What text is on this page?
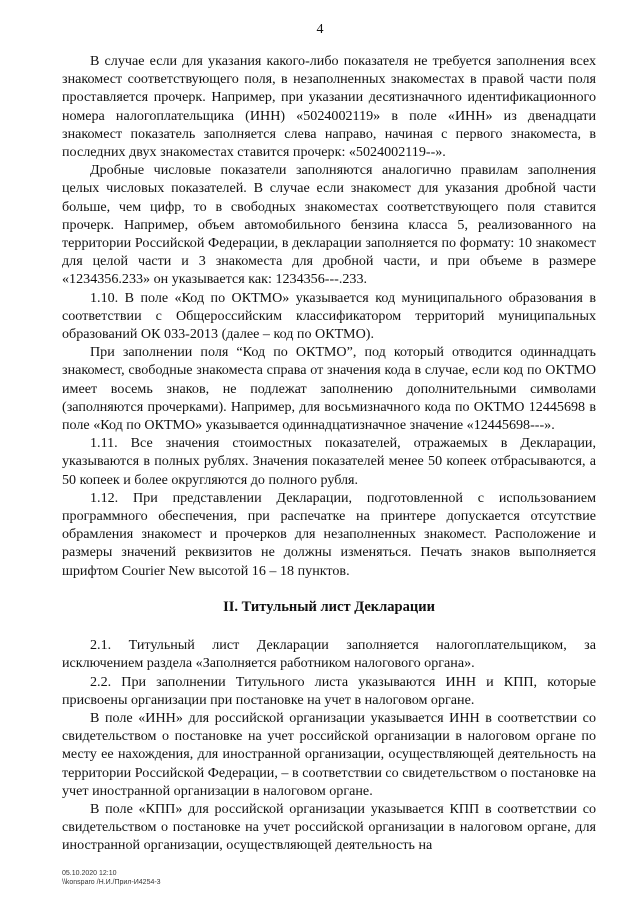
4

В случае если для указания какого-либо показателя не требуется заполнения всех знакомест соответствующего поля, в незаполненных знакоместах в правой части поля проставляется прочерк. Например, при указании десятизначного идентификационного номера налогоплательщика (ИНН) «5024002119» в поле «ИНН» из двенадцати знакомест показатель заполняется слева направо, начиная с первого знакоместа, в последних двух знакоместах ставится прочерк: «5024002119--».

Дробные числовые показатели заполняются аналогично правилам заполнения целых числовых показателей. В случае если знакомест для указания дробной части больше, чем цифр, то в свободных знакоместах соответствующего поля ставится прочерк. Например, объем автомобильного бензина класса 5, реализованного на территории Российской Федерации, в декларации заполняется по формату: 10 знакомест для целой части и 3 знакоместа для дробной части, и при объеме в размере «1234356.233» он указывается как: 1234356---.233.

1.10. В поле «Код по ОКТМО» указывается код муниципального образования в соответствии с Общероссийским классификатором территорий муниципальных образований ОК 033-2013 (далее – код по ОКТМО).

При заполнении поля “Код по ОКТМО”, под который отводится одиннадцать знакомест, свободные знакоместа справа от значения кода в случае, если код по ОКТМО имеет восемь знаков, не подлежат заполнению дополнительными символами (заполняются прочерками). Например, для восьмизначного кода по ОКТМО 12445698 в поле «Код по ОКТМО» указывается одиннадцатизначное значение «12445698---».

1.11. Все значения стоимостных показателей, отражаемых в Декларации, указываются в полных рублях. Значения показателей менее 50 копеек отбрасываются, а 50 копеек и более округляются до полного рубля.

1.12. При представлении Декларации, подготовленной с использованием программного обеспечения, при распечатке на принтере допускается отсутствие обрамления знакомест и прочерков для незаполненных знакомест. Расположение и размеры значений реквизитов не должны изменяться. Печать знаков выполняется шрифтом Courier New высотой 16 – 18 пунктов.

II. Титульный лист Декларации

2.1. Титульный лист Декларации заполняется налогоплательщиком, за исключением раздела «Заполняется работником налогового органа».

2.2. При заполнении Титульного листа указываются ИНН и КПП, которые присвоены организации при постановке на учет в налоговом органе.

В поле «ИНН» для российской организации указывается ИНН в соответствии со свидетельством о постановке на учет российской организации в налоговом органе по месту ее нахождения, для иностранной организации, осуществляющей деятельность на территории Российской Федерации, – в соответствии со свидетельством о постановке на учет иностранной организации в налоговом органе.

В поле «КПП» для российской организации указывается КПП в соответствии со свидетельством о постановке на учет российской организации в налоговом органе, для иностранной организации, осуществляющей деятельность на

05.10.2020 12:10
\\konsparo /Н.И./Прил-И4254-3
